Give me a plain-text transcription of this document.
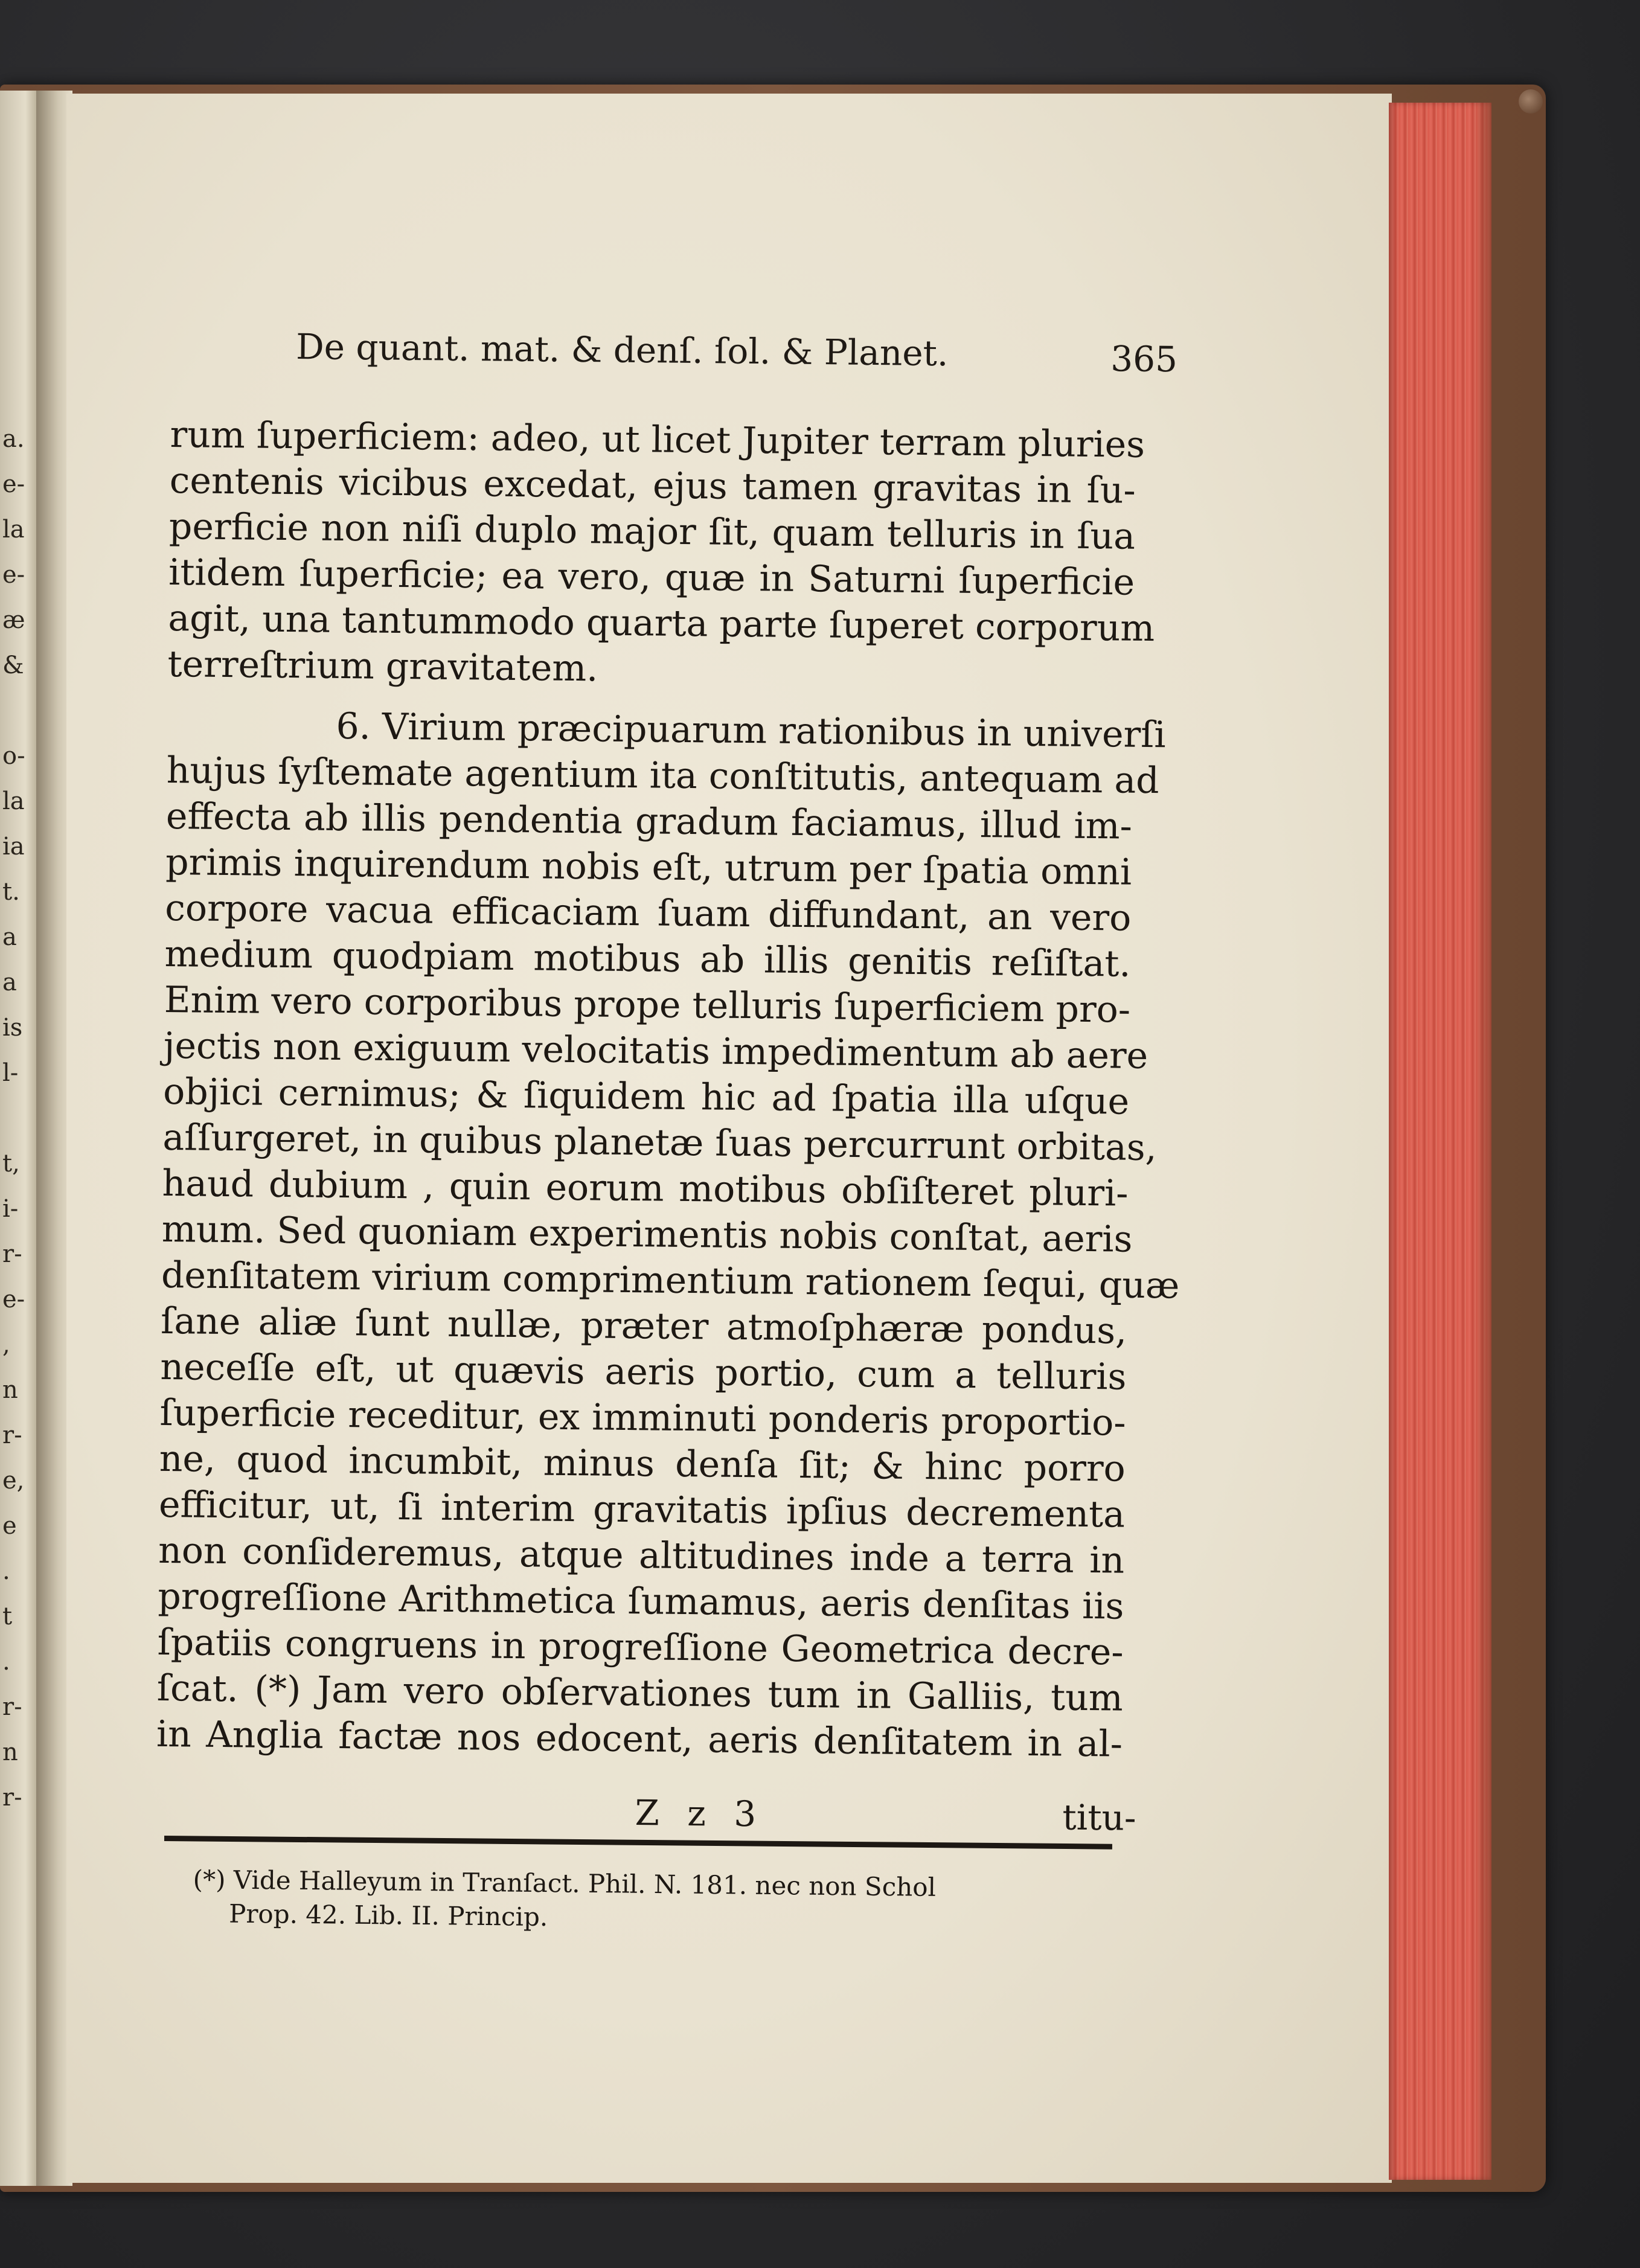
a.
e-
la
e-
æ
&

o-
la
ia
t.
a
a
is
l-

t,
i-
r-
e-
,
n
r-
e,
e
.
t
.
r-
n
r-
De quant. mat. & denſ. ſol. & Planet.	365
rum ſuperficiem: adeo, ut licet Jupiter terram pluries
centenis vicibus excedat, ejus tamen gravitas in ſu-
perficie non niſi duplo major ſit, quam telluris in ſua
itidem ſuperficie; ea vero, quæ in Saturni ſuperficie
agit, una tantummodo quarta parte ſuperet corporum
terreſtrium gravitatem.
6. Virium præcipuarum rationibus in univerſi
hujus ſyſtemate agentium ita conſtitutis, antequam ad
effecta ab illis pendentia gradum faciamus, illud im-
primis inquirendum nobis eſt, utrum per ſpatia omni
corpore vacua efficaciam ſuam diffundant, an vero
medium quodpiam motibus ab illis genitis reſiſtat.
Enim vero corporibus prope telluris ſuperficiem pro-
jectis non exiguum velocitatis impedimentum ab aere
objici cernimus; & ſiquidem hic ad ſpatia illa uſque
aſſurgeret, in quibus planetæ ſuas percurrunt orbitas,
haud dubium , quin eorum motibus obſiſteret pluri-
mum. Sed quoniam experimentis nobis conſtat, aeris
denſitatem virium comprimentium rationem ſequi, quæ
ſane aliæ ſunt nullæ, præter atmoſphæræ pondus,
neceſſe eſt, ut quævis aeris portio, cum a telluris
ſuperficie receditur, ex imminuti ponderis proportio-
ne, quod incumbit, minus denſa ſit; & hinc porro
efficitur, ut, ſi interim gravitatis ipſius decrementa
non conſideremus, atque altitudines inde a terra in
progreſſione Arithmetica ſumamus, aeris denſitas iis
ſpatiis congruens in progreſſione Geometrica decre-
ſcat. (*) Jam vero obſervationes tum in Galliis, tum
in Anglia factæ nos edocent, aeris denſitatem in al-
Z z 3	titu-
(*) Vide Halleyum in Tranſact. Phil. N. 181. nec non Schol
Prop. 42. Lib. II. Princip.
